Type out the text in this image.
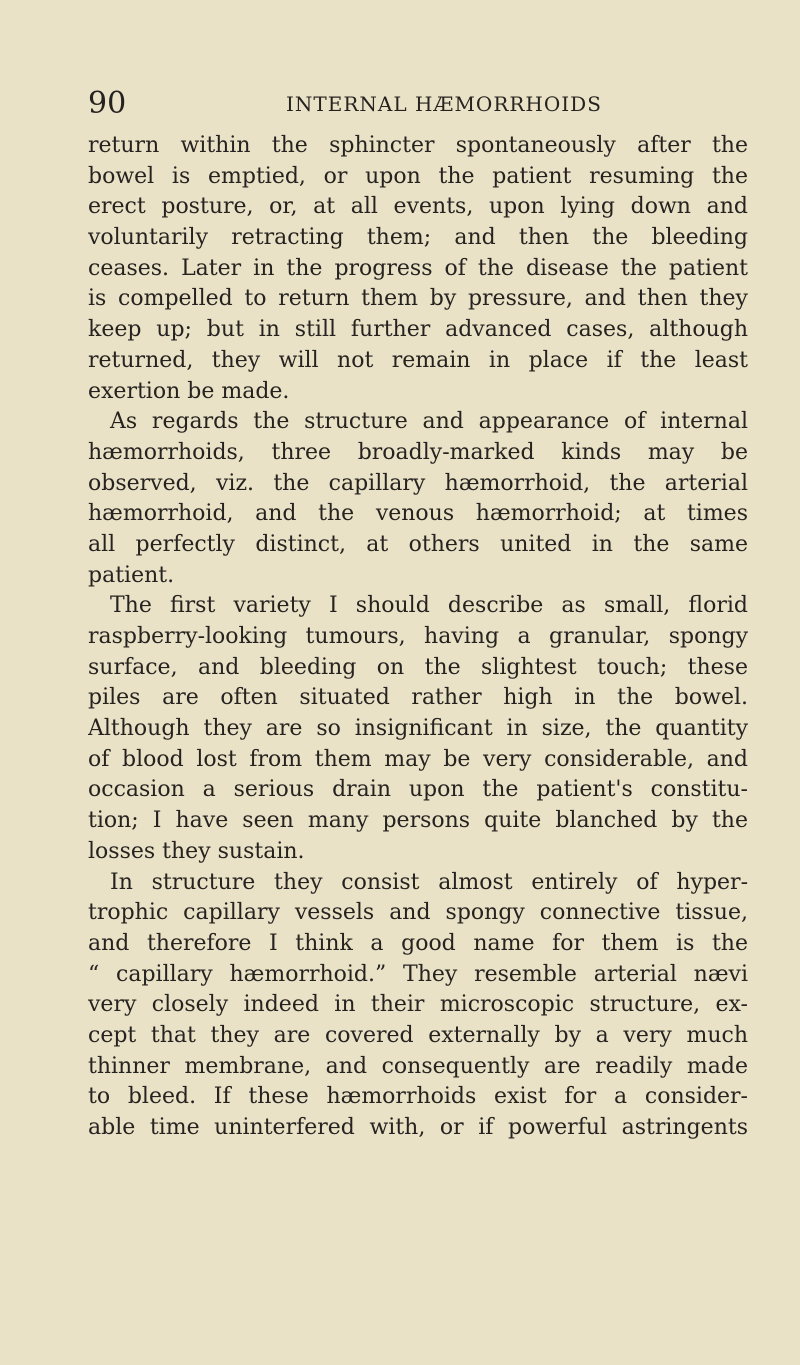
90	INTERNAL HÆMORRHOIDS
return within the sphincter spontaneously after the
bowel is emptied, or upon the patient resuming the
erect posture, or, at all events, upon lying down and
voluntarily retracting them; and then the bleeding
ceases. Later in the progress of the disease the patient
is compelled to return them by pressure, and then they
keep up; but in still further advanced cases, although
returned, they will not remain in place if the least
exertion be made.
As regards the structure and appearance of internal
hæmorrhoids, three broadly-marked kinds may be
observed, viz. the capillary hæmorrhoid, the arterial
hæmorrhoid, and the venous hæmorrhoid; at times
all perfectly distinct, at others united in the same
patient.
The first variety I should describe as small, florid
raspberry-looking tumours, having a granular, spongy
surface, and bleeding on the slightest touch; these
piles are often situated rather high in the bowel.
Although they are so insignificant in size, the quantity
of blood lost from them may be very considerable, and
occasion a serious drain upon the patient's constitu-
tion; I have seen many persons quite blanched by the
losses they sustain.
In structure they consist almost entirely of hyper-
trophic capillary vessels and spongy connective tissue,
and therefore I think a good name for them is the
“ capillary hæmorrhoid.” They resemble arterial nævi
very closely indeed in their microscopic structure, ex-
cept that they are covered externally by a very much
thinner membrane, and consequently are readily made
to bleed. If these hæmorrhoids exist for a consider-
able time uninterfered with, or if powerful astringents
